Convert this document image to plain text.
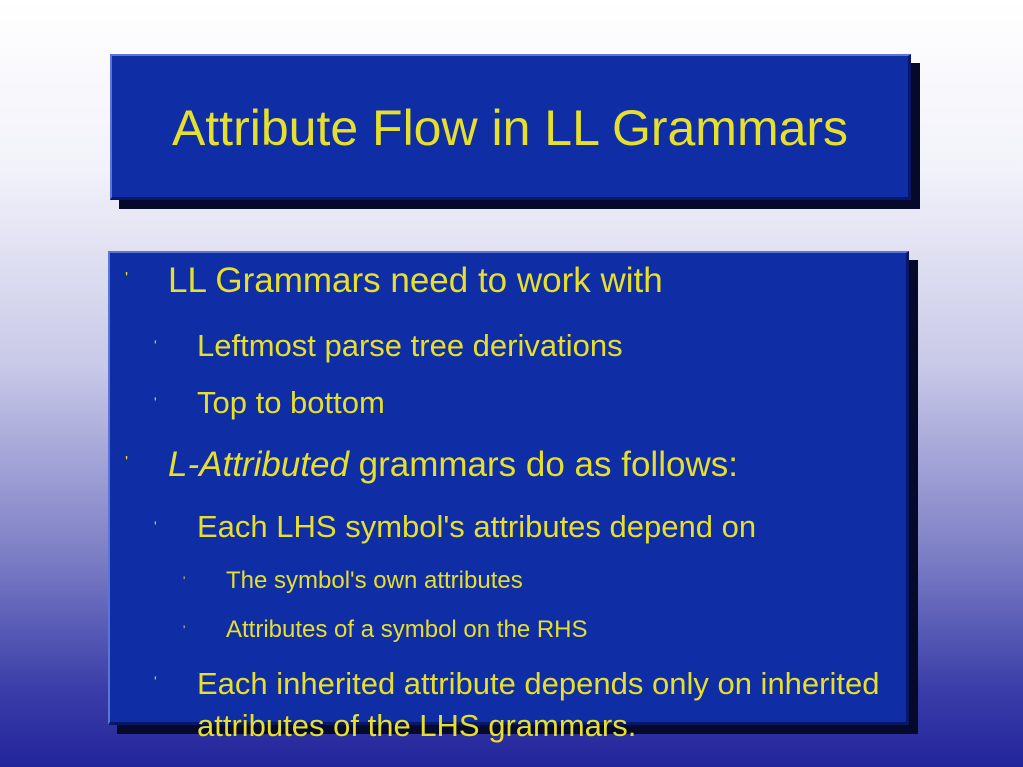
Attribute Flow in LL Grammars
' LL Grammars need to work with
' Leftmost parse tree derivations
' Top to bottom
' L-Attributed grammars do as follows:
' Each LHS symbol's attributes depend on
' The symbol's own attributes
' Attributes of a symbol on the RHS
' Each inherited attribute depends only on inherited attributes of the LHS grammars.
